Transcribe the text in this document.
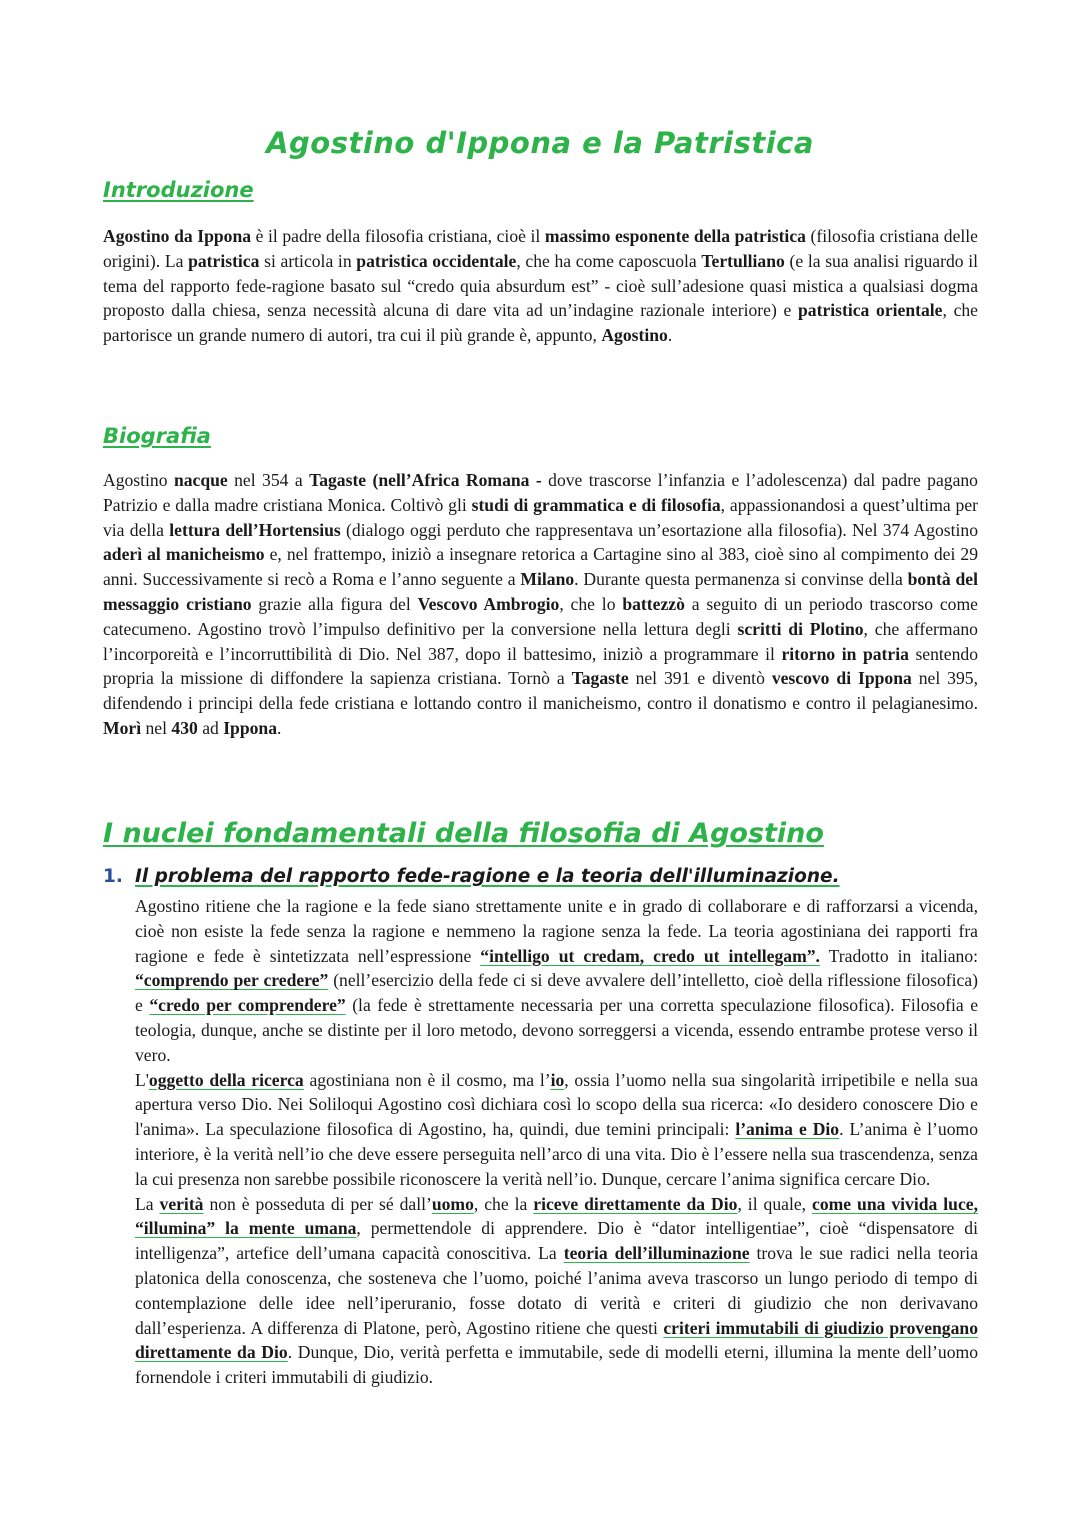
Agostino d'Ippona e la Patristica
Introduzione

Agostino da Ippona è il padre della filosofia cristiana, cioè il massimo esponente della patristica (filosofia cristiana delle origini). La patristica si articola in patristica occidentale, che ha come caposcuola Tertulliano (e la sua analisi riguardo il tema del rapporto fede-ragione basato sul “credo quia absurdum est” - cioè sull’adesione quasi mistica a qualsiasi dogma proposto dalla chiesa, senza necessità alcuna di dare vita ad un’indagine razionale interiore) e patristica orientale, che partorisce un grande numero di autori, tra cui il più grande è, appunto, Agostino.

Biografia

Agostino nacque nel 354 a Tagaste (nell’Africa Romana - dove trascorse l’infanzia e l’adolescenza) dal padre pagano Patrizio e dalla madre cristiana Monica. Coltivò gli studi di grammatica e di filosofia, appassionandosi a quest’ultima per via della lettura dell’Hortensius (dialogo oggi perduto che rappresentava un’esortazione alla filosofia). Nel 374 Agostino aderì al manicheismo e, nel frattempo, iniziò a insegnare retorica a Cartagine sino al 383, cioè sino al compimento dei 29 anni. Successivamente si recò a Roma e l’anno seguente a Milano. Durante questa permanenza si convinse della bontà del messaggio cristiano grazie alla figura del Vescovo Ambrogio, che lo battezzò a seguito di un periodo trascorso come catecumeno. Agostino trovò l’impulso definitivo per la conversione nella lettura degli scritti di Plotino, che affermano l’incorporeità e l’incorruttibilità di Dio. Nel 387, dopo il battesimo, iniziò a programmare il ritorno in patria sentendo propria la missione di diffondere la sapienza cristiana. Tornò a Tagaste nel 391 e diventò vescovo di Ippona nel 395, difendendo i principi della fede cristiana e lottando contro il manicheismo, contro il donatismo e contro il pelagianesimo. Morì nel 430 ad Ippona.

I nuclei fondamentali della filosofia di Agostino
1. Il problema del rapporto fede-ragione e la teoria dell'illuminazione.

Agostino ritiene che la ragione e la fede siano strettamente unite e in grado di collaborare e di rafforzarsi a vicenda, cioè non esiste la fede senza la ragione e nemmeno la ragione senza la fede. La teoria agostiniana dei rapporti fra ragione e fede è sintetizzata nell’espressione “intelligo ut credam, credo ut intellegam”. Tradotto in italiano: “comprendo per credere” (nell’esercizio della fede ci si deve avvalere dell’intelletto, cioè della riflessione filosofica) e “credo per comprendere” (la fede è strettamente necessaria per una corretta speculazione filosofica). Filosofia e teologia, dunque, anche se distinte per il loro metodo, devono sorreggersi a vicenda, essendo entrambe protese verso il vero.

L'oggetto della ricerca agostiniana non è il cosmo, ma l’io, ossia l’uomo nella sua singolarità irripetibile e nella sua apertura verso Dio. Nei Soliloqui Agostino così dichiara così lo scopo della sua ricerca: «Io desidero conoscere Dio e l'anima». La speculazione filosofica di Agostino, ha, quindi, due temini principali: l’anima e Dio. L’anima è l’uomo interiore, è la verità nell’io che deve essere perseguita nell’arco di una vita. Dio è l’essere nella sua trascendenza, senza la cui presenza non sarebbe possibile riconoscere la verità nell’io. Dunque, cercare l’anima significa cercare Dio.

La verità non è posseduta di per sé dall’uomo, che la riceve direttamente da Dio, il quale, come una vivida luce, “illumina” la mente umana, permettendole di apprendere. Dio è “dator intelligentiae”, cioè “dispensatore di intelligenza”, artefice dell’umana capacità conoscitiva. La teoria dell’illuminazione trova le sue radici nella teoria platonica della conoscenza, che sosteneva che l’uomo, poiché l’anima aveva trascorso un lungo periodo di tempo di contemplazione delle idee nell’iperuranio, fosse dotato di verità e criteri di giudizio che non derivavano dall’esperienza. A differenza di Platone, però, Agostino ritiene che questi criteri immutabili di giudizio provengano direttamente da Dio. Dunque, Dio, verità perfetta e immutabile, sede di modelli eterni, illumina la mente dell’uomo fornendole i criteri immutabili di giudizio.
